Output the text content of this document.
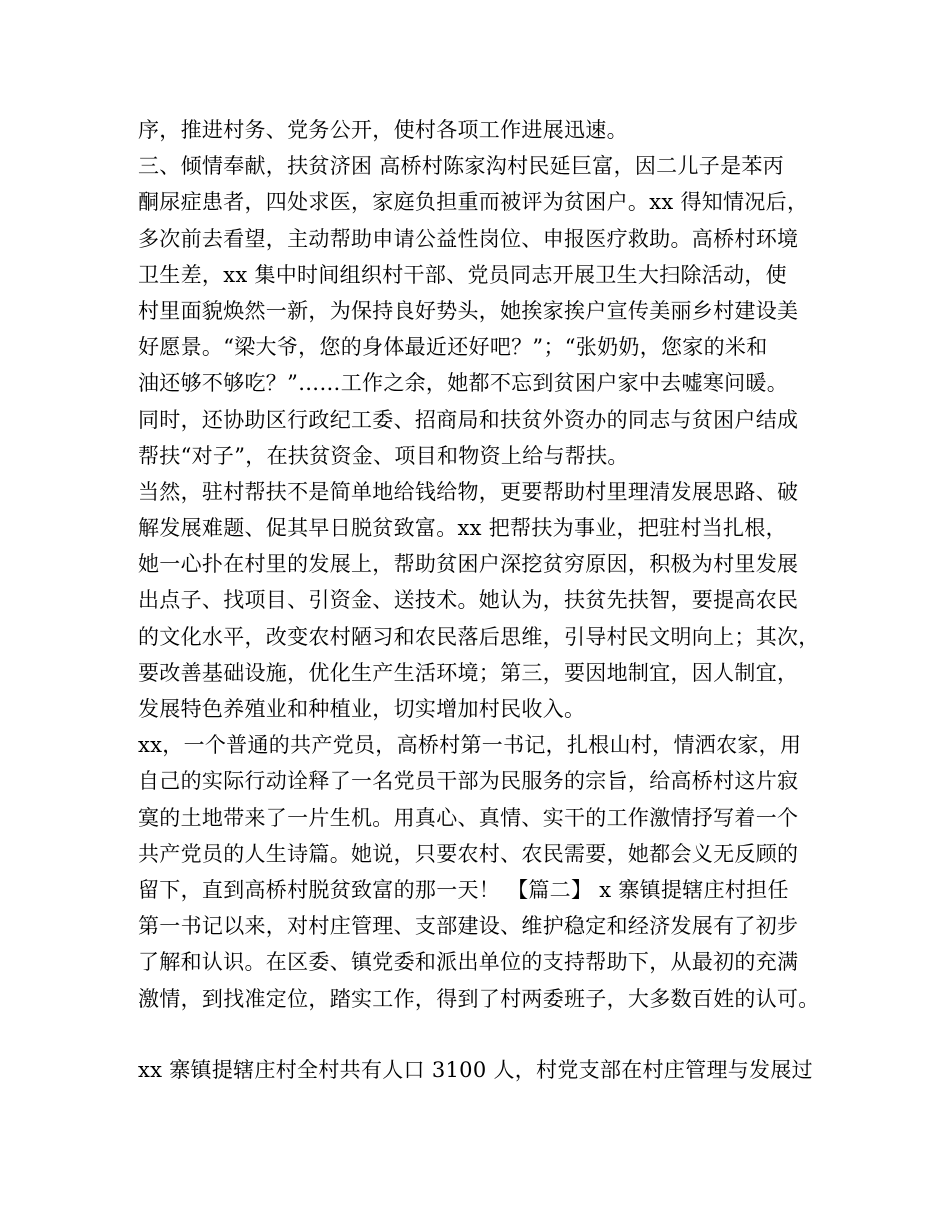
序，推进村务、党务公开，使村各项工作进展迅速。
三、倾情奉献，扶贫济困 高桥村陈家沟村民延巨富，因二儿子是苯丙
酮尿症患者，四处求医，家庭负担重而被评为贫困户。xx 得知情况后，
多次前去看望，主动帮助申请公益性岗位、申报医疗救助。高桥村环境
卫生差，xx 集中时间组织村干部、党员同志开展卫生大扫除活动，使
村里面貌焕然一新，为保持良好势头，她挨家挨户宣传美丽乡村建设美
好愿景。“梁大爷，您的身体最近还好吧？”；“张奶奶，您家的米和
油还够不够吃？”……工作之余，她都不忘到贫困户家中去嘘寒问暖。
同时，还协助区行政纪工委、招商局和扶贫外资办的同志与贫困户结成
帮扶“对子”，在扶贫资金、项目和物资上给与帮扶。
当然，驻村帮扶不是简单地给钱给物，更要帮助村里理清发展思路、破
解发展难题、促其早日脱贫致富。xx 把帮扶为事业，把驻村当扎根，
她一心扑在村里的发展上，帮助贫困户深挖贫穷原因，积极为村里发展
出点子、找项目、引资金、送技术。她认为，扶贫先扶智，要提高农民
的文化水平，改变农村陋习和农民落后思维，引导村民文明向上；其次，
要改善基础设施，优化生产生活环境；第三，要因地制宜，因人制宜，
发展特色养殖业和种植业，切实增加村民收入。
xx，一个普通的共产党员，高桥村第一书记，扎根山村，情洒农家，用
自己的实际行动诠释了一名党员干部为民服务的宗旨，给高桥村这片寂
寞的土地带来了一片生机。用真心、真情、实干的工作激情抒写着一个
共产党员的人生诗篇。她说，只要农村、农民需要，她都会义无反顾的
留下，直到高桥村脱贫致富的那一天！ 【篇二】 x 寨镇提辖庄村担任
第一书记以来，对村庄管理、支部建设、维护稳定和经济发展有了初步
了解和认识。在区委、镇党委和派出单位的支持帮助下，从最初的充满
激情，到找准定位，踏实工作，得到了村两委班子，大多数百姓的认可。
xx 寨镇提辖庄村全村共有人口 3100 人，村党支部在村庄管理与发展过
